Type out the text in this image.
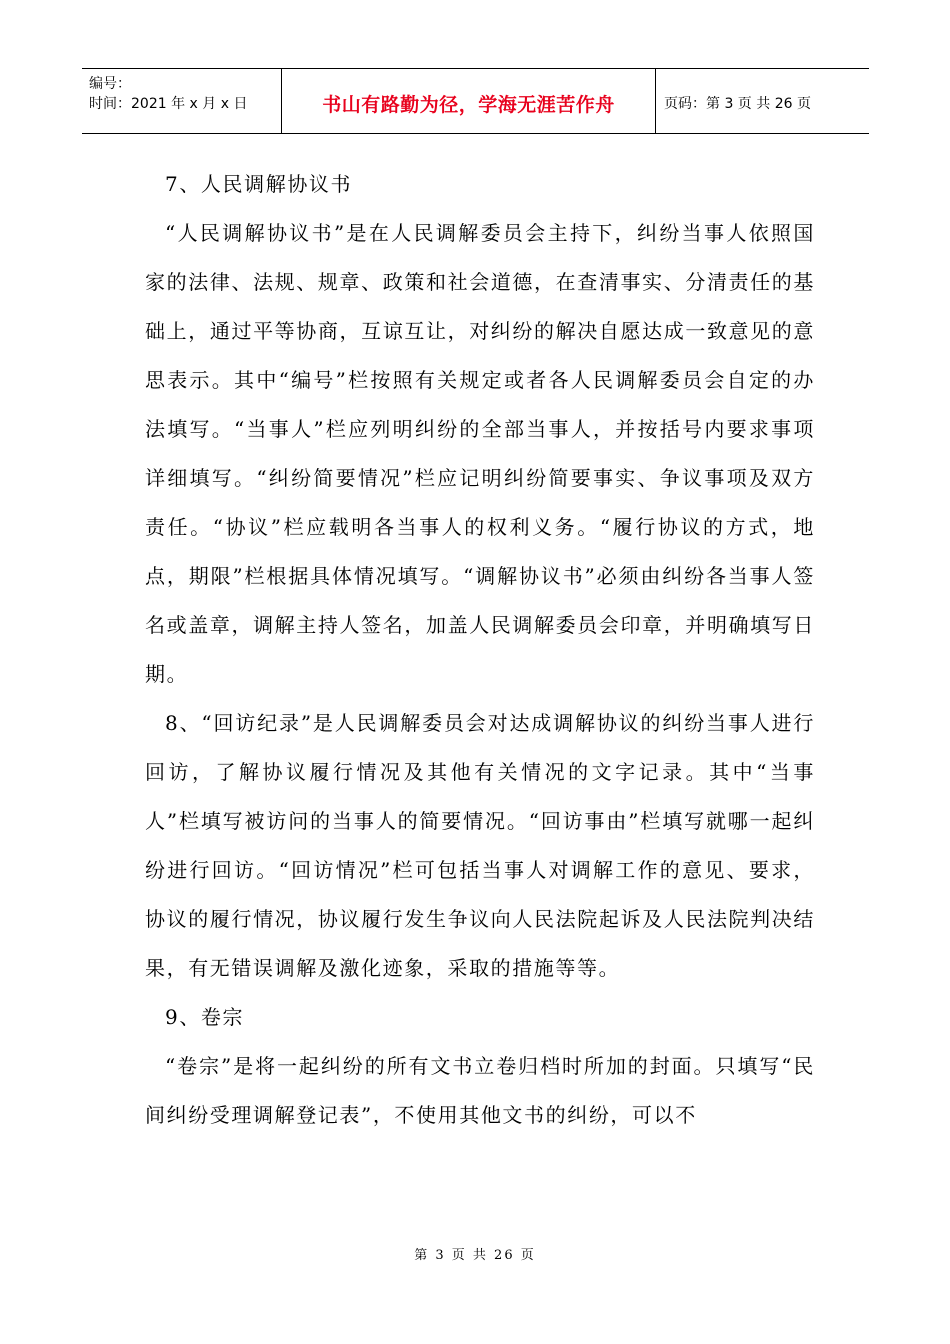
编号：
时间：2021 年 x 月 x 日	书山有路勤为径，学海无涯苦作舟	页码：第 3 页 共 26 页

7、人民调解协议书

“人民调解协议书”是在人民调解委员会主持下，纠纷当事人依照国家的法律、法规、规章、政策和社会道德，在查清事实、分清责任的基础上，通过平等协商，互谅互让，对纠纷的解决自愿达成一致意见的意思表示。其中“编号”栏按照有关规定或者各人民调解委员会自定的办法填写。“当事人”栏应列明纠纷的全部当事人，并按括号内要求事项详细填写。“纠纷简要情况”栏应记明纠纷简要事实、争议事项及双方责任。“协议”栏应载明各当事人的权利义务。“履行协议的方式，地点，期限”栏根据具体情况填写。“调解协议书”必须由纠纷各当事人签名或盖章，调解主持人签名，加盖人民调解委员会印章，并明确填写日期。

8、“回访纪录”是人民调解委员会对达成调解协议的纠纷当事人进行回访，了解协议履行情况及其他有关情况的文字记录。其中“当事人”栏填写被访问的当事人的简要情况。“回访事由”栏填写就哪一起纠纷进行回访。“回访情况”栏可包括当事人对调解工作的意见、要求，协议的履行情况，协议履行发生争议向人民法院起诉及人民法院判决结果，有无错误调解及激化迹象，采取的措施等等。

9、卷宗

“卷宗”是将一起纠纷的所有文书立卷归档时所加的封面。只填写“民间纠纷受理调解登记表”，不使用其他文书的纠纷，可以不

第 3 页 共 26 页
